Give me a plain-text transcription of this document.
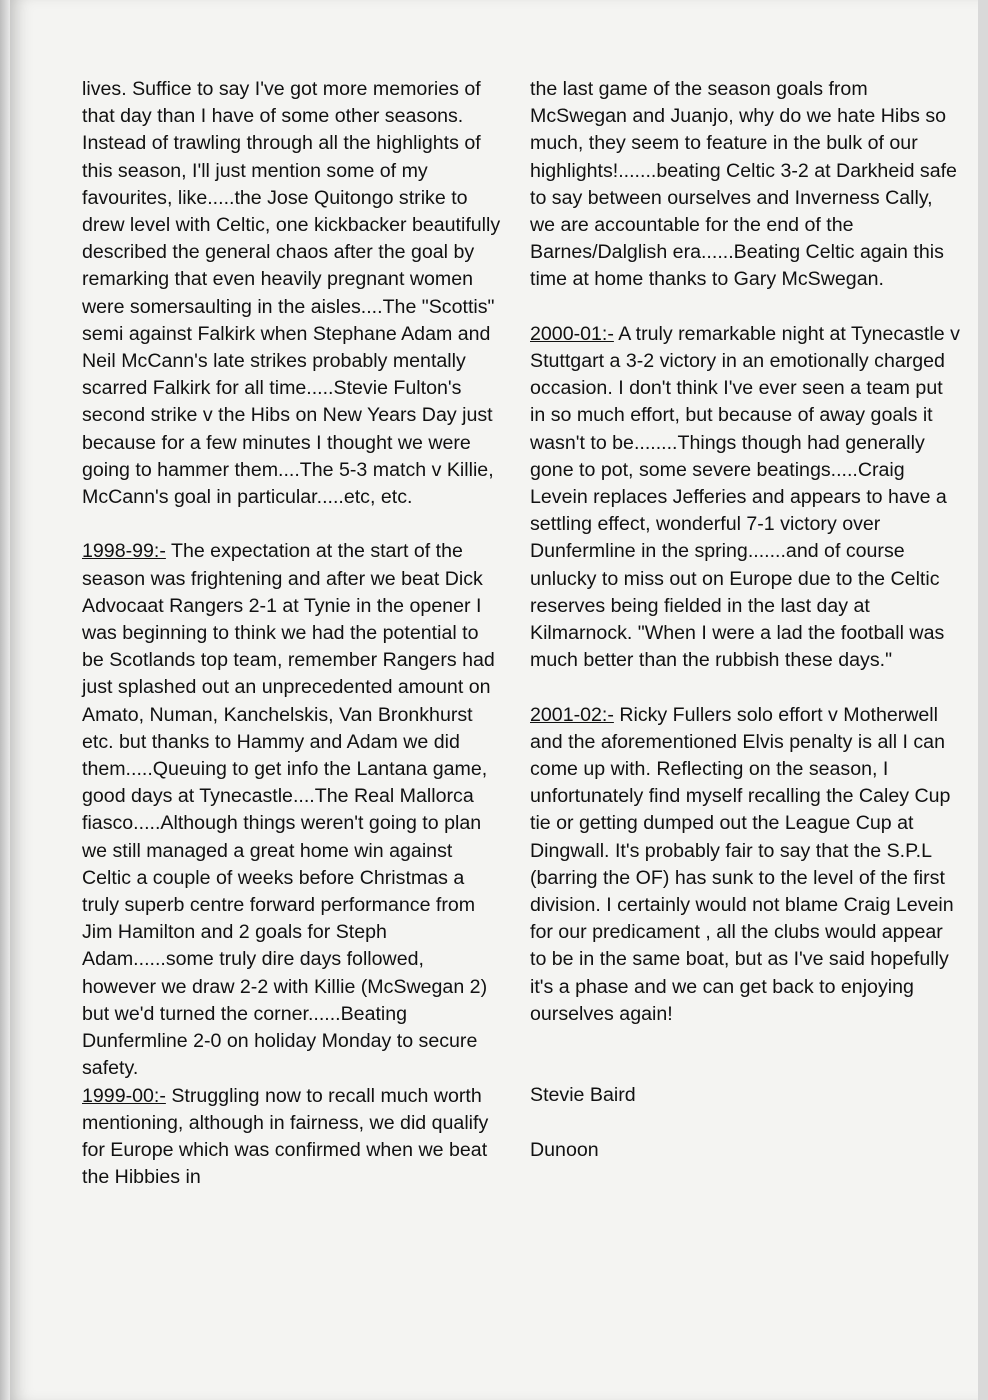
lives. Suffice to say I've got more memories of that day than I have of some other seasons. Instead of trawling through all the highlights of this season, I'll just mention some of my favourites, like.....the Jose Quitongo strike to drew level with Celtic, one kickbacker beautifully described the general chaos after the goal by remarking that even heavily pregnant women were somersaulting in the aisles....The "Scottis" semi against Falkirk when Stephane Adam and Neil McCann's late strikes probably mentally scarred Falkirk for all time.....Stevie Fulton's second strike v the Hibs on New Years Day just because for a few minutes I thought we were going to hammer them....The 5-3 match v Killie, McCann's goal in particular.....etc, etc.

1998-99:- The expectation at the start of the season was frightening and after we beat Dick Advocaat Rangers 2-1 at Tynie in the opener I was beginning to think we had the potential to be Scotlands top team, remember Rangers had just splashed out an unprecedented amount on Amato, Numan, Kanchelskis, Van Bronkhurst etc. but thanks to Hammy and Adam we did them.....Queuing to get info the Lantana game, good days at Tynecastle....The Real Mallorca fiasco.....Although things weren't going to plan we still managed a great home win against Celtic a couple of weeks before Christmas a truly superb centre forward performance from Jim Hamilton and 2 goals for Steph Adam......some truly dire days followed, however we draw 2-2 with Killie (McSwegan 2) but we'd turned the corner......Beating Dunfermline 2-0 on holiday Monday to secure safety.

1999-00:- Struggling now to recall much worth mentioning, although in fairness, we did qualify for Europe which was confirmed when we beat the Hibbies in

the last game of the season goals from McSwegan and Juanjo, why do we hate Hibs so much, they seem to feature in the bulk of our highlights!.......beating Celtic 3-2 at Darkheid safe to say between ourselves and Inverness Cally, we are accountable for the end of the Barnes/Dalglish era......Beating Celtic again this time at home thanks to Gary McSwegan.

2000-01:- A truly remarkable night at Tynecastle v Stuttgart a 3-2 victory in an emotionally charged occasion. I don't think I've ever seen a team put in so much effort, but because of away goals it wasn't to be........Things though had generally gone to pot, some severe beatings.....Craig Levein replaces Jefferies and appears to have a settling effect, wonderful 7-1 victory over Dunfermline in the spring.......and of course unlucky to miss out on Europe due to the Celtic reserves being fielded in the last day at Kilmarnock. "When I were a lad the football was much better than the rubbish these days."

2001-02:- Ricky Fullers solo effort v Motherwell and the aforementioned Elvis penalty is all I can come up with. Reflecting on the season, I unfortunately find myself recalling the Caley Cup tie or getting dumped out the League Cup at Dingwall. It's probably fair to say that the S.P.L (barring the OF) has sunk to the level of the first division. I certainly would not blame Craig Levein for our predicament , all the clubs would appear to be in the same boat, but as I've said hopefully it's a phase and we can get back to enjoying ourselves again!

Stevie Baird

Dunoon
